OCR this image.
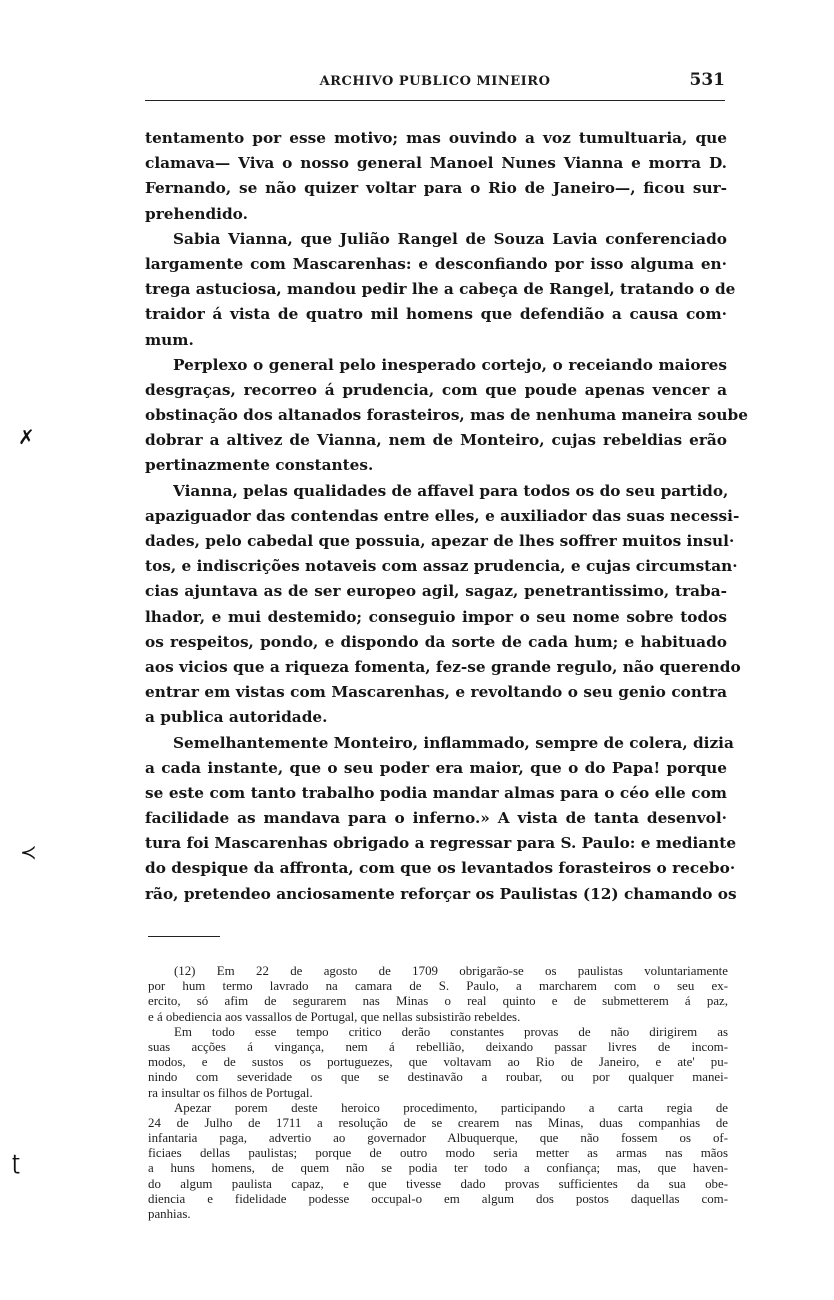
ARCHIVO PUBLICO MINEIRO	531
tentamento por esse motivo; mas ouvindo a voz tumultuaria, que
clamava— Viva o nosso general Manoel Nunes Vianna e morra D.
Fernando, se não quizer voltar para o Rio de Janeiro—, ficou sur-
prehendido.
Sabia Vianna, que Julião Rangel de Souza Lavia conferenciado
largamente com Mascarenhas: e desconfiando por isso alguma en·
trega astuciosa, mandou pedir lhe a cabeça de Rangel, tratando o de
traidor á vista de quatro mil homens que defendião a causa com·
mum.
Perplexo o general pelo inesperado cortejo, o receiando maiores
desgraças, recorreo á prudencia, com que poude apenas vencer a
obstinação dos altanados forasteiros, mas de nenhuma maneira soube
dobrar a altivez de Vianna, nem de Monteiro, cujas rebeldias erão
pertinazmente constantes.
Vianna, pelas qualidades de affavel para todos os do seu partido,
apaziguador das contendas entre elles, e auxiliador das suas necessi-
dades, pelo cabedal que possuia, apezar de lhes soffrer muitos insul·
tos, e indiscrições notaveis com assaz prudencia, e cujas circumstan·
cias ajuntava as de ser europeo agil, sagaz, penetrantissimo, traba-
lhador, e mui destemido; conseguio impor o seu nome sobre todos
os respeitos, pondo, e dispondo da sorte de cada hum; e habituado
aos vicios que a riqueza fomenta, fez-se grande regulo, não querendo
entrar em vistas com Mascarenhas, e revoltando o seu genio contra
a publica autoridade.
Semelhantemente Monteiro, inflammado, sempre de colera, dizia
a cada instante, que o seu poder era maior, que o do Papa! porque
se este com tanto trabalho podia mandar almas para o céo elle com
facilidade as mandava para o inferno.» A vista de tanta desenvol·
tura foi Mascarenhas obrigado a regressar para S. Paulo: e mediante
do despique da affronta, com que os levantados forasteiros o recebo·
rão, pretendeo anciosamente reforçar os Paulistas (12) chamando os
(12) Em 22 de agosto de 1709 obrigarão-se os paulistas voluntariamente
por hum termo lavrado na camara de S. Paulo, a marcharem com o seu ex-
ercito, só afim de segurarem nas Minas o real quinto e de submetterem á paz,
e á obediencia aos vassallos de Portugal, que nellas subsistirão rebeldes.
Em todo esse tempo critico derão constantes provas de não dirigirem as
suas acções á vingança, nem á rebellião, deixando passar livres de incom-
modos, e de sustos os portuguezes, que voltavam ao Rio de Janeiro, e ate' pu-
nindo com severidade os que se destinavão a roubar, ou por qualquer manei-
ra insultar os filhos de Portugal.
Apezar porem deste heroico procedimento, participando a carta regia de
24 de Julho de 1711 a resolução de se crearem nas Minas, duas companhias de
infantaria paga, advertio ao governador Albuquerque, que não fossem os of-
ficiaes dellas paulistas; porque de outro modo seria metter as armas nas mãos
a huns homens, de quem não se podia ter todo a confiança; mas, que haven-
do algum paulista capaz, e que tivesse dado provas sufficientes da sua obe-
diencia e fidelidade podesse occupal-o em algum dos postos daquellas com-
panhias.
✗
≺
ʈ
